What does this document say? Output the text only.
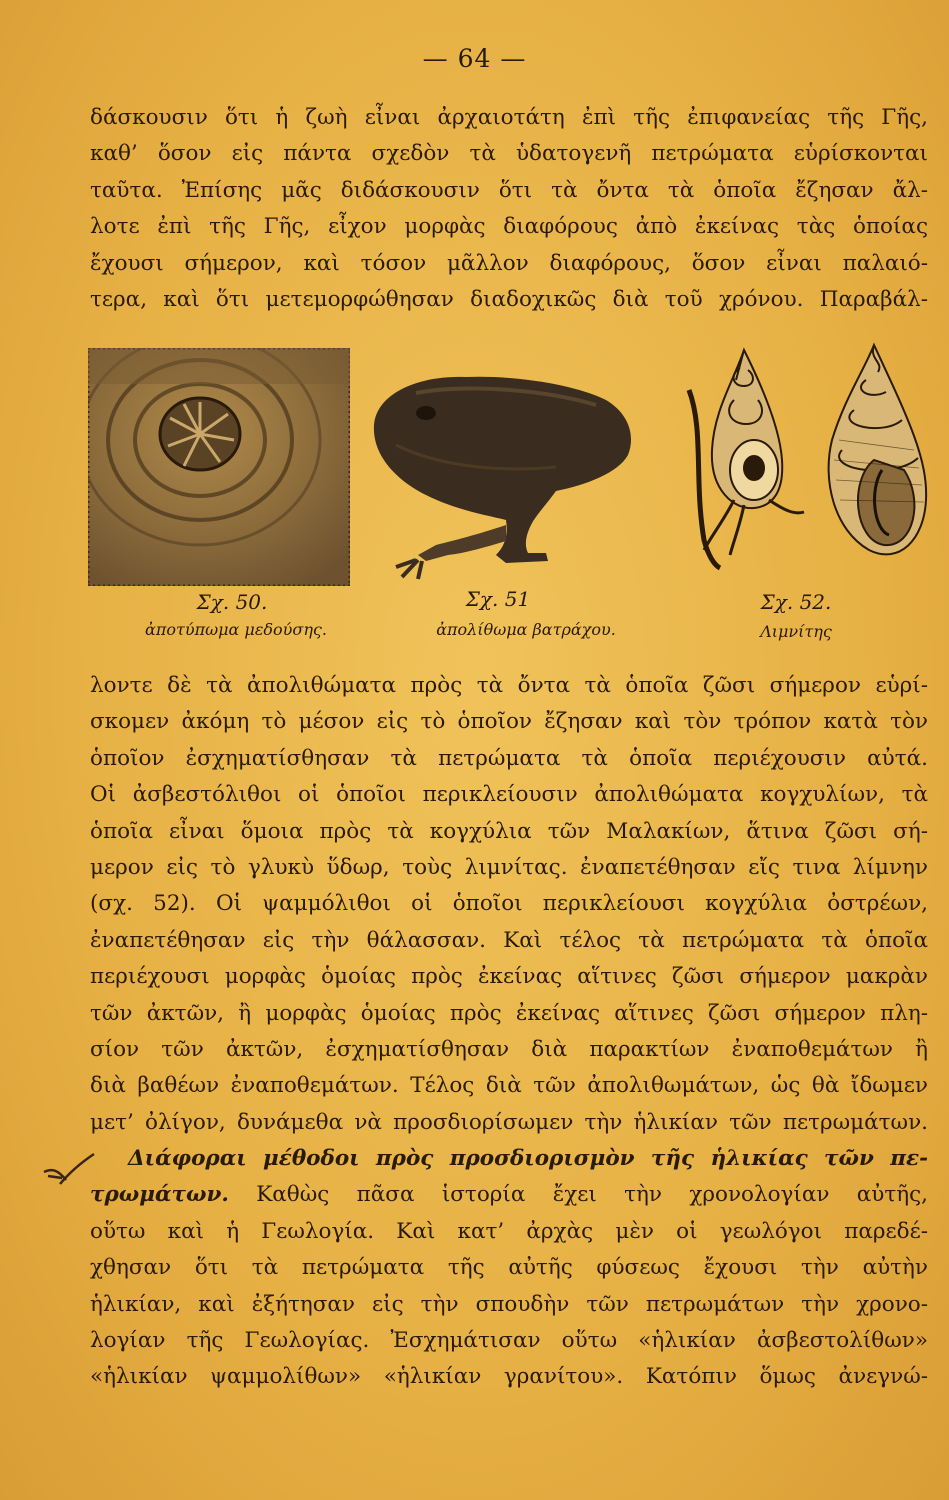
— 64 —
δάσκουσιν ὅτι ἡ ζωὴ εἶναι ἀρχαιοτάτη ἐπὶ τῆς ἐπιφανείας τῆς Γῆς,
καθ’ ὅσον εἰς πάντα σχεδὸν τὰ ὑδατογενῆ πετρώματα εὑρίσκονται
ταῦτα. Ἐπίσης μᾶς διδάσκουσιν ὅτι τὰ ὄντα τὰ ὁποῖα ἔζησαν ἄλ-
λοτε ἐπὶ τῆς Γῆς, εἶχον μορφὰς διαφόρους ἀπὸ ἐκείνας τὰς ὁποίας
ἔχουσι σήμερον, καὶ τόσον μᾶλλον διαφόρους, ὅσον εἶναι παλαιό-
τερα, καὶ ὅτι μετεμορφώθησαν διαδοχικῶς διὰ τοῦ χρόνου. Παραβάλ-
Σχ. 50.
ἀποτύπωμα μεδούσης.
Σχ. 51
ἀπολίθωμα βατράχου.
Σχ. 52.
Λιμνίτης
λοντε δὲ τὰ ἀπολιθώματα πρὸς τὰ ὄντα τὰ ὁποῖα ζῶσι σήμερον εὑρί-
σκομεν ἀκόμη τὸ μέσον εἰς τὸ ὁποῖον ἔζησαν καὶ τὸν τρόπον κατὰ τὸν
ὁποῖον ἐσχηματίσθησαν τὰ πετρώματα τὰ ὁποῖα περιέχουσιν αὐτά.
Οἱ ἀσβεστόλιθοι οἱ ὁποῖοι περικλείουσιν ἀπολιθώματα κογχυλίων, τὰ
ὁποῖα εἶναι ὅμοια πρὸς τὰ κογχύλια τῶν Μαλακίων, ἅτινα ζῶσι σή-
μερον εἰς τὸ γλυκὺ ὕδωρ, τοὺς λιμνίτας. ἐναπετέθησαν εἴς τινα λίμνην
(σχ. 52). Οἱ ψαμμόλιθοι οἱ ὁποῖοι περικλείουσι κογχύλια ὀστρέων,
ἐναπετέθησαν εἰς τὴν θάλασσαν. Καὶ τέλος τὰ πετρώματα τὰ ὁποῖα
περιέχουσι μορφὰς ὁμοίας πρὸς ἐκείνας αἵτινες ζῶσι σήμερον μακρὰν
τῶν ἀκτῶν, ἢ μορφὰς ὁμοίας πρὸς ἐκείνας αἵτινες ζῶσι σήμερον πλη-
σίον τῶν ἀκτῶν, ἐσχηματίσθησαν διὰ παρακτίων ἐναποθεμάτων ἢ
διὰ βαθέων ἐναποθεμάτων. Τέλος διὰ τῶν ἀπολιθωμάτων, ὡς θὰ ἴδωμεν
μετ’ ὀλίγον, δυνάμεθα νὰ προσδιορίσωμεν τὴν ἡλικίαν τῶν πετρωμάτων.
Διάφοραι μέθοδοι πρὸς προσδιορισμὸν τῆς ἡλικίας τῶν πε-
τρωμάτων. Καθὼς πᾶσα ἱστορία ἔχει τὴν χρονολογίαν αὐτῆς,
οὕτω καὶ ἡ Γεωλογία. Καὶ κατ’ ἀρχὰς μὲν οἱ γεωλόγοι παρεδέ-
χθησαν ὅτι τὰ πετρώματα τῆς αὐτῆς φύσεως ἔχουσι τὴν αὐτὴν
ἡλικίαν, καὶ ἐξήτησαν εἰς τὴν σπουδὴν τῶν πετρωμάτων τὴν χρονο-
λογίαν τῆς Γεωλογίας. Ἐσχημάτισαν οὕτω «ἡλικίαν ἀσβεστολίθων»
«ἡλικίαν ψαμμολίθων» «ἡλικίαν γρανίτου». Κατόπιν ὅμως ἀνεγνώ-
